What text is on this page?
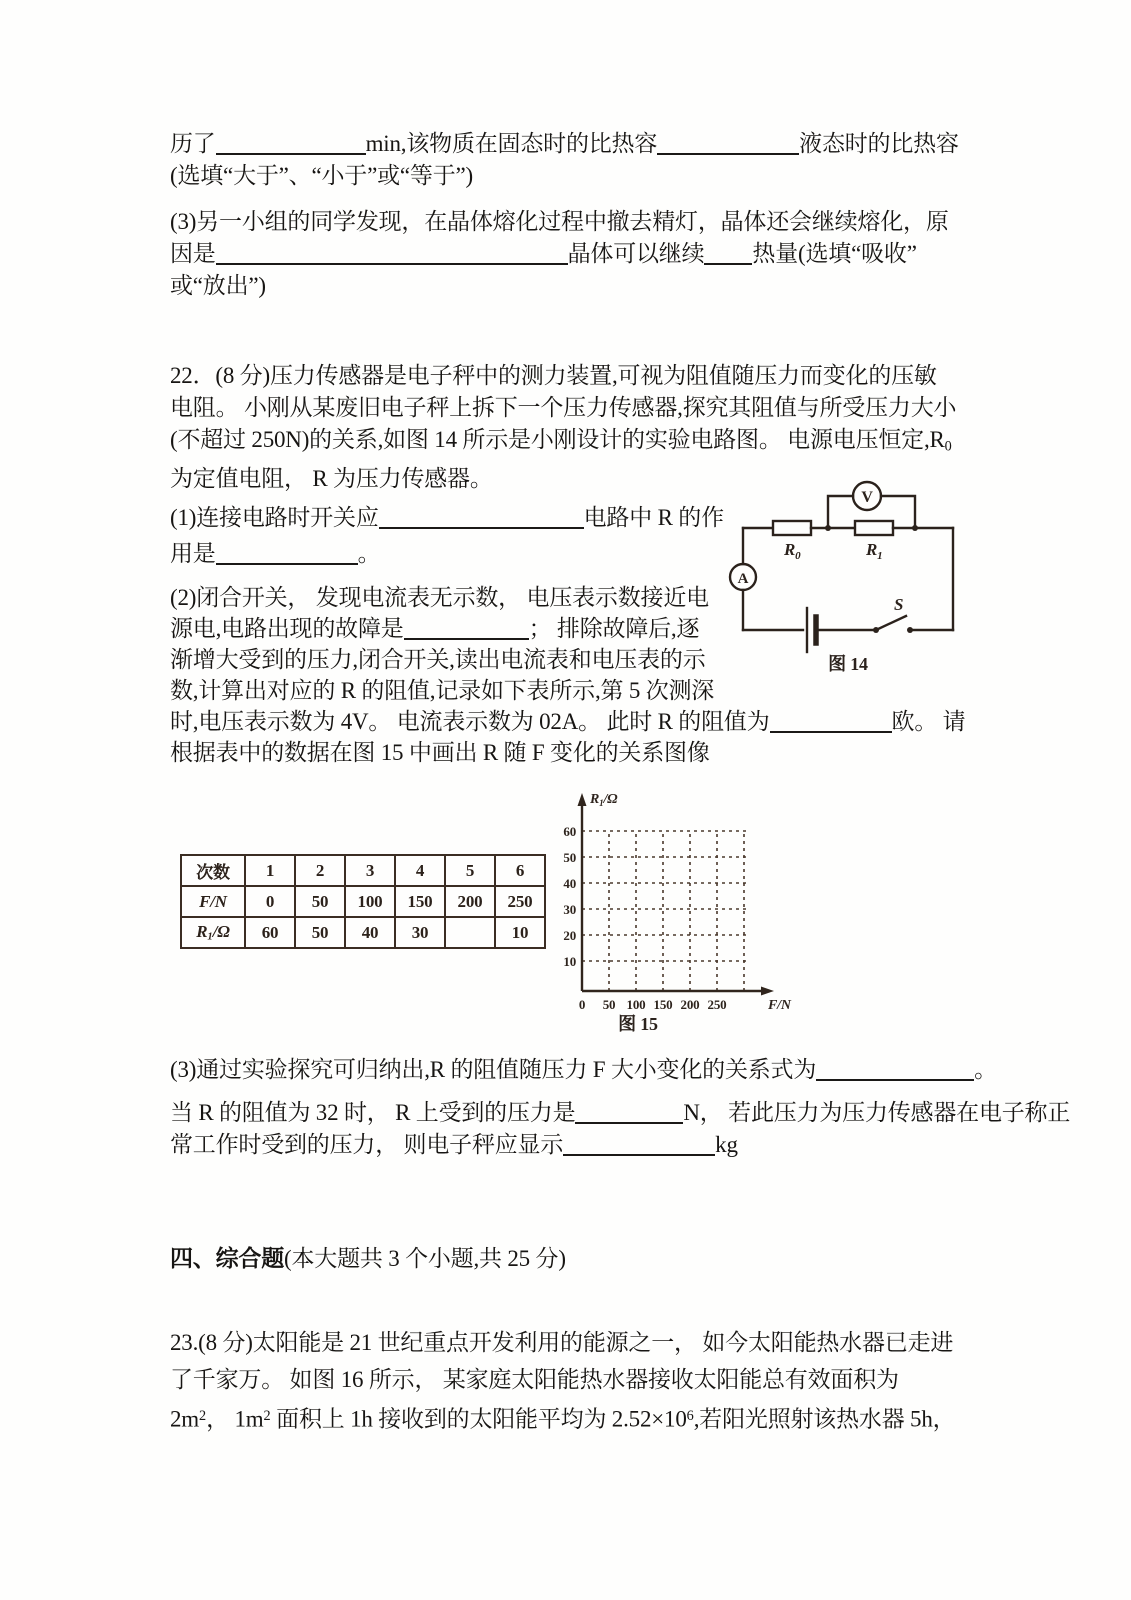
历了	min,该物质在固态时的比热容	液态时的比热容
(选填“大于”、“小于”或“等于”)
(3)另一小组的同学发现，在晶体熔化过程中撤去精灯，晶体还会继续熔化，原
因是	晶体可以继续 热量(选填“吸收”
或“放出”)
22．(8 分)压力传感器是电子秤中的测力装置,可视为阻值随压力而变化的压敏
电阻。 小刚从某废旧电子秤上拆下一个压力传感器,探究其阻值与所受压力大小
(不超过 250N)的关系,如图 14 所示是小刚设计的实验电路图。 电源电压恒定$,R_0$
为定值电阻， R 为压力传感器。
(1)连接电路时开关应	电路中 R 的作
用是	。
(2)闭合开关， 发现电流表无示数， 电压表示数接近电
源电,电路出现的故障是	； 排除故障后,逐
渐增大受到的压力,闭合开关,读出电流表和电压表的示
数,计算出对应的 R 的阻值,记录如下表所示,第 5 次测深
时,电压表示数为 4V。 电流表示数为 02A。 此时 R 的阻值为	欧。 请
根据表中的数据在图 15 中画出 R 随 F 变化的关系图像
V
A
$R_0$	$R_1$
S
图 14
次数	1	2	3	4	5	6
F/N	0	50	100	150	200	250
$R_1/\Omega$	60	50	40	30		10
60
50
40
30
20
10
0 50 100 150 200 250
$R_1/\Omega$
F/N
图 15
(3)通过实验探究可归纳出,R 的阻值随压力 F 大小变化的关系式为	。
当 R 的阻值为 32 时， R 上受到的压力是	N， 若此压力为压力传感器在电子称正
常工作时受到的压力， 则电子秤应显示	kg
四、综合题(本大题共 3 个小题,共 25 分)
23.(8 分)太阳能是 21 世纪重点开发利用的能源之一， 如今太阳能热水器已走进
了千家万。 如图 16 所示， 某家庭太阳能热水器接收太阳能总有效面积为
$2m^2$， $1m^2$ 面积上 1h 接收到的太阳能平均为 $2.52\times 10^6$,若阳光照射该热水器 5h，
